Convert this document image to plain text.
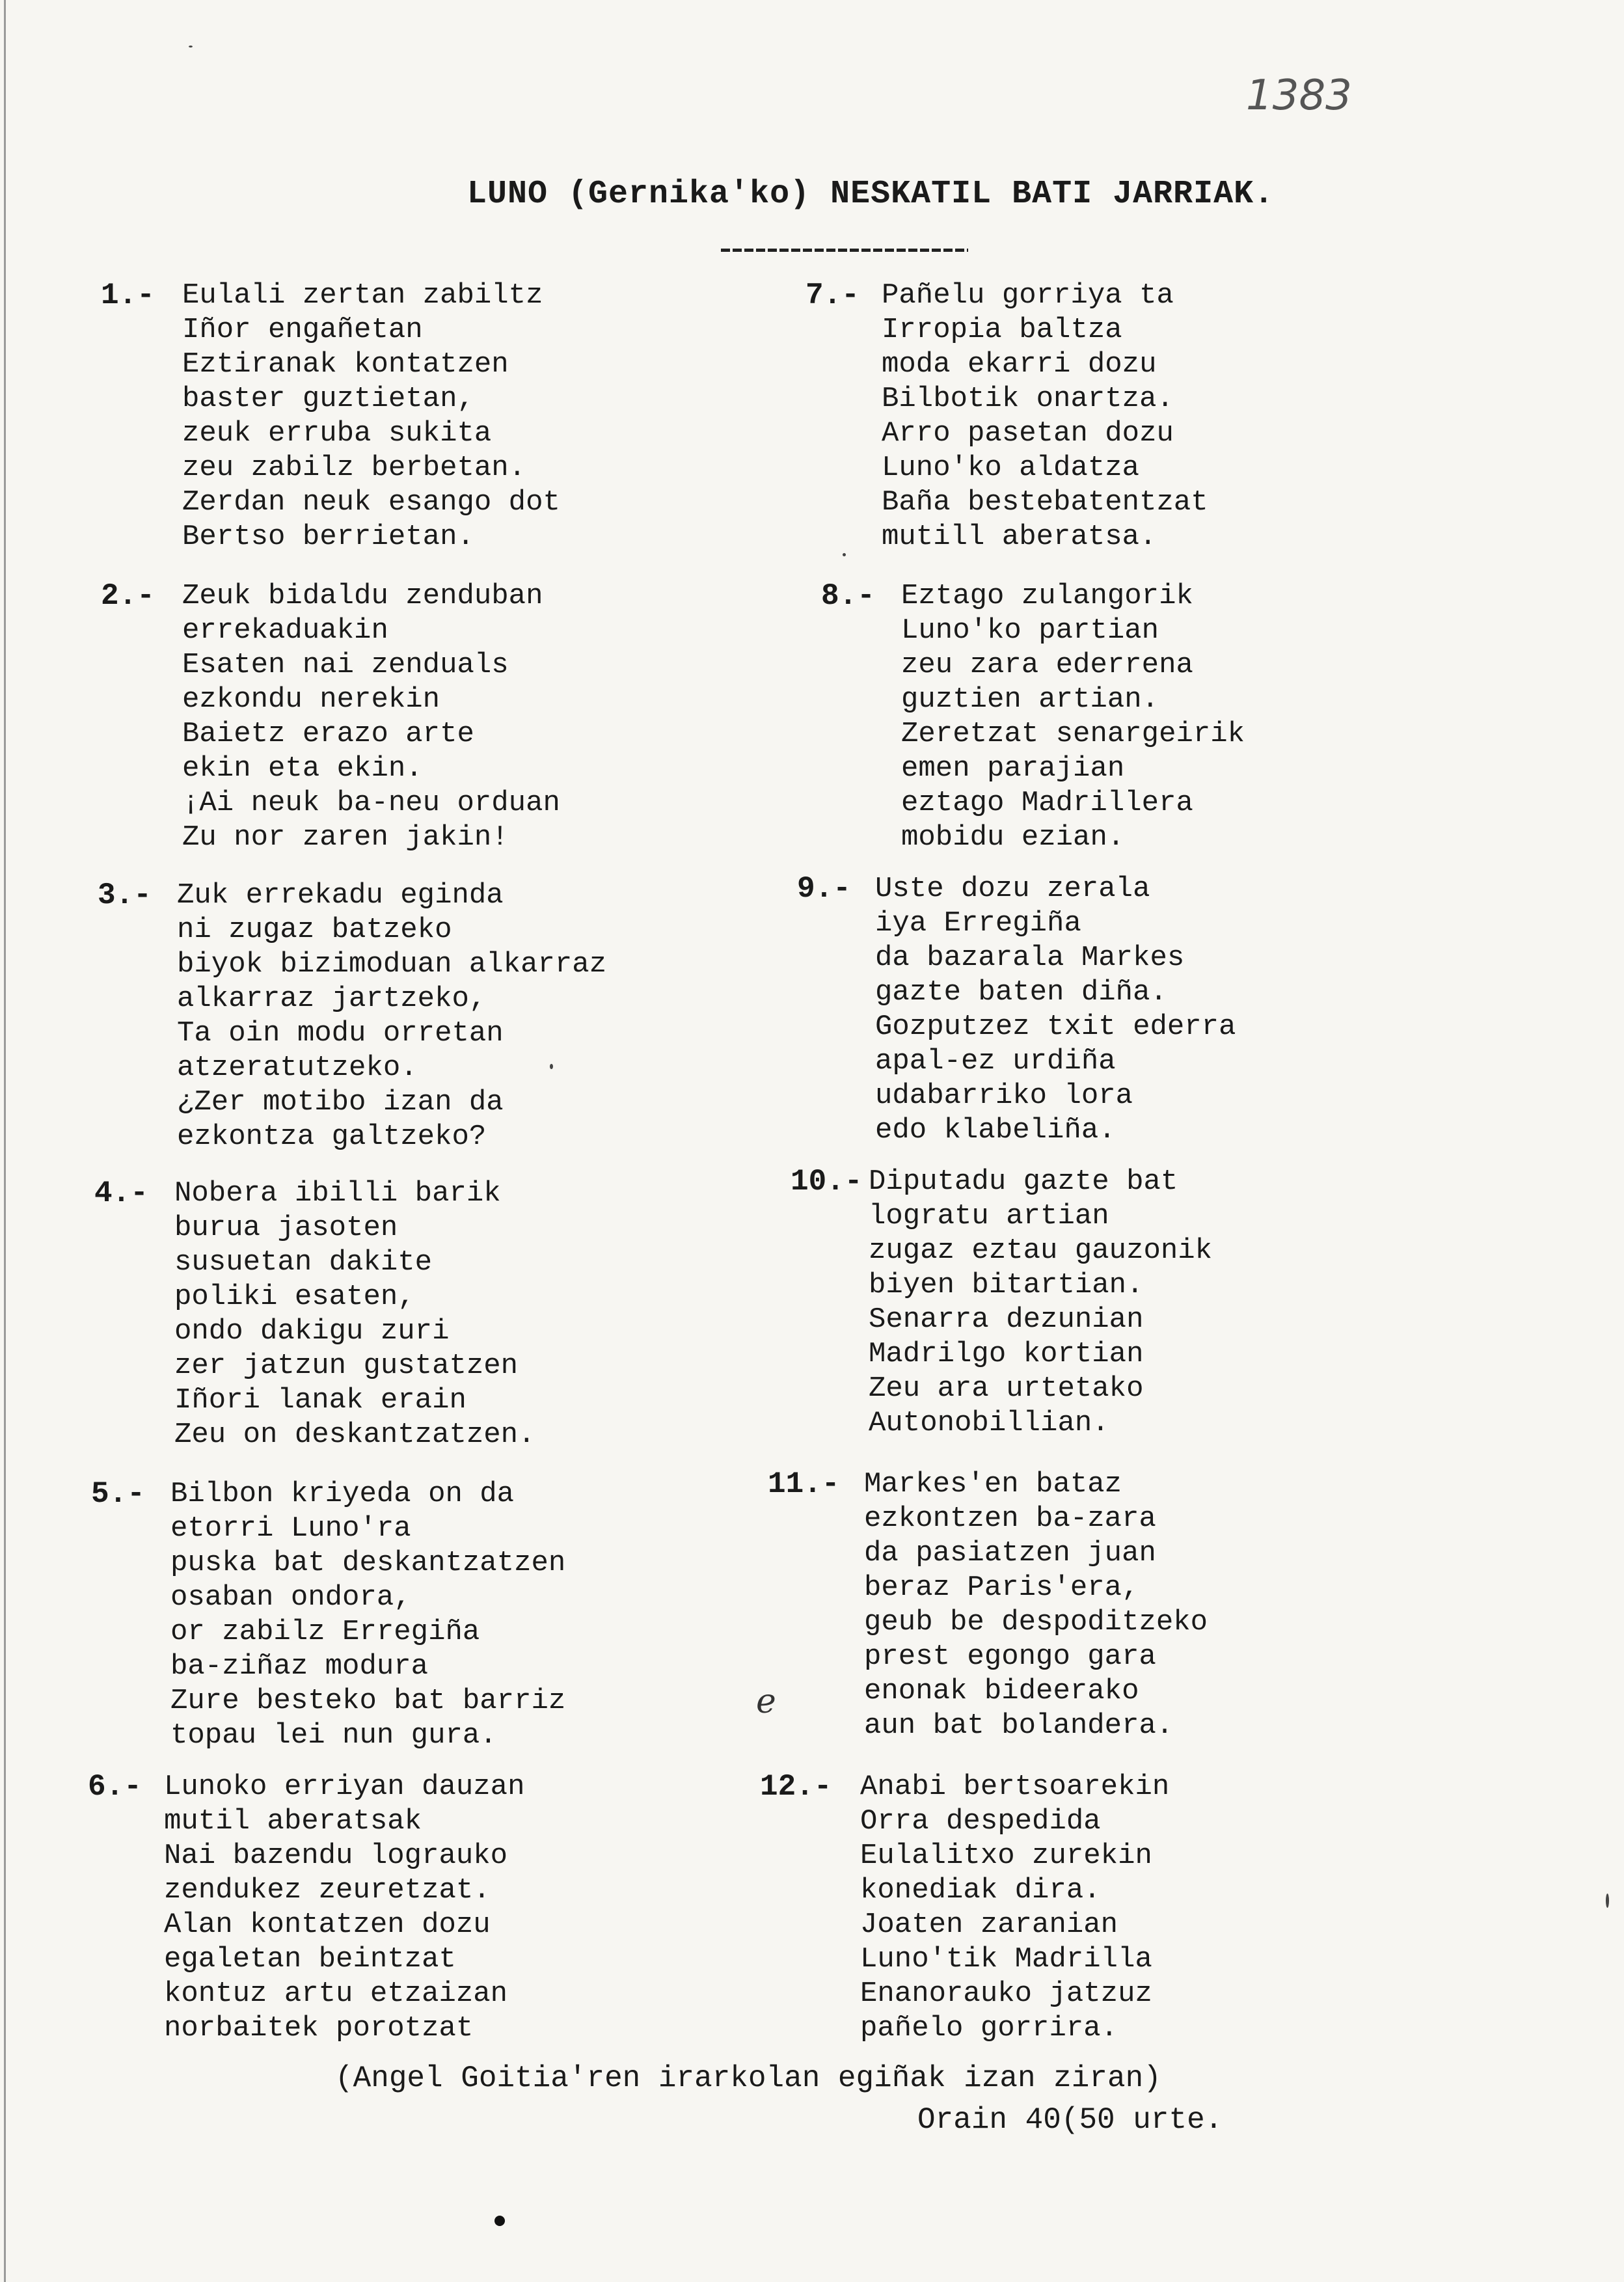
1383
LUNO (Gernika'ko) NESKATIL BATI JARRIAK.
1.- Eulali zertan zabiltz
Iñor engañetan
Eztiranak kontatzen
baster guztietan,
zeuk erruba sukita
zeu zabilz berbetan.
Zerdan neuk esango dot
Bertso berrietan.
2.- Zeuk bidaldu zenduban
errekaduakin
Esaten nai zenduals
ezkondu nerekin
Baietz erazo arte
ekin eta ekin.
¡Ai neuk ba-neu orduan
Zu nor zaren jakin!
3.- Zuk errekadu eginda
ni zugaz batzeko
biyok bizimoduan alkarraz
alkarraz jartzeko,
Ta oin modu orretan
atzeratutzeko.
¿Zer motibo izan da
ezkontza galtzeko?
4.- Nobera ibilli barik
burua jasoten
susuetan dakite
poliki esaten,
ondo dakigu zuri
zer jatzun gustatzen
Iñori lanak erain
Zeu on deskantzatzen.
5.- Bilbon kriyeda on da
etorri Luno'ra
puska bat deskantzatzen
osaban ondora,
or zabilz Erregiña
ba-ziñaz modura
Zure besteko bat barriz
topau lei nun gura.
6.- Lunoko erriyan dauzan
mutil aberatsak
Nai bazendu lograuko
zendukez zeuretzat.
Alan kontatzen dozu
egaletan beintzat
kontuz artu etzaizan
norbaitek porotzat
7.- Pañelu gorriya ta
Irropia baltza
moda ekarri dozu
Bilbotik onartza.
Arro pasetan dozu
Luno'ko aldatza
Baña bestebatentzat
mutill aberatsa.
8.- Eztago zulangorik
Luno'ko partian
zeu zara ederrena
guztien artian.
Zeretzat senargeirik
emen parajian
eztago Madrillera
mobidu ezian.
9.- Uste dozu zerala
iya Erregiña
da bazarala Markes
gazte baten diña.
Gozputzez txit ederra
apal-ez urdiña
udabarriko lora
edo klabeliña.
10.- Diputadu gazte bat
logratu artian
zugaz eztau gauzonik
biyen bitartian.
Senarra dezunian
Madrilgo kortian
Zeu ara urtetako
Autonobillian.
11.- Markes'en bataz
ezkontzen ba-zara
da pasiatzen juan
beraz Paris'era,
geub be despoditzeko
prest egongo gara
enonak bideerako
aun bat bolandera.
12.- Anabi bertsoarekin
Orra despedida
Eulalitxo zurekin
konediak dira.
Joaten zaranian
Luno'tik Madrilla
Enanorauko jatzuz
pañelo gorrira.
(Angel Goitia'ren irarkolan egiñak izan ziran)
Orain 40(50 urte.
e
